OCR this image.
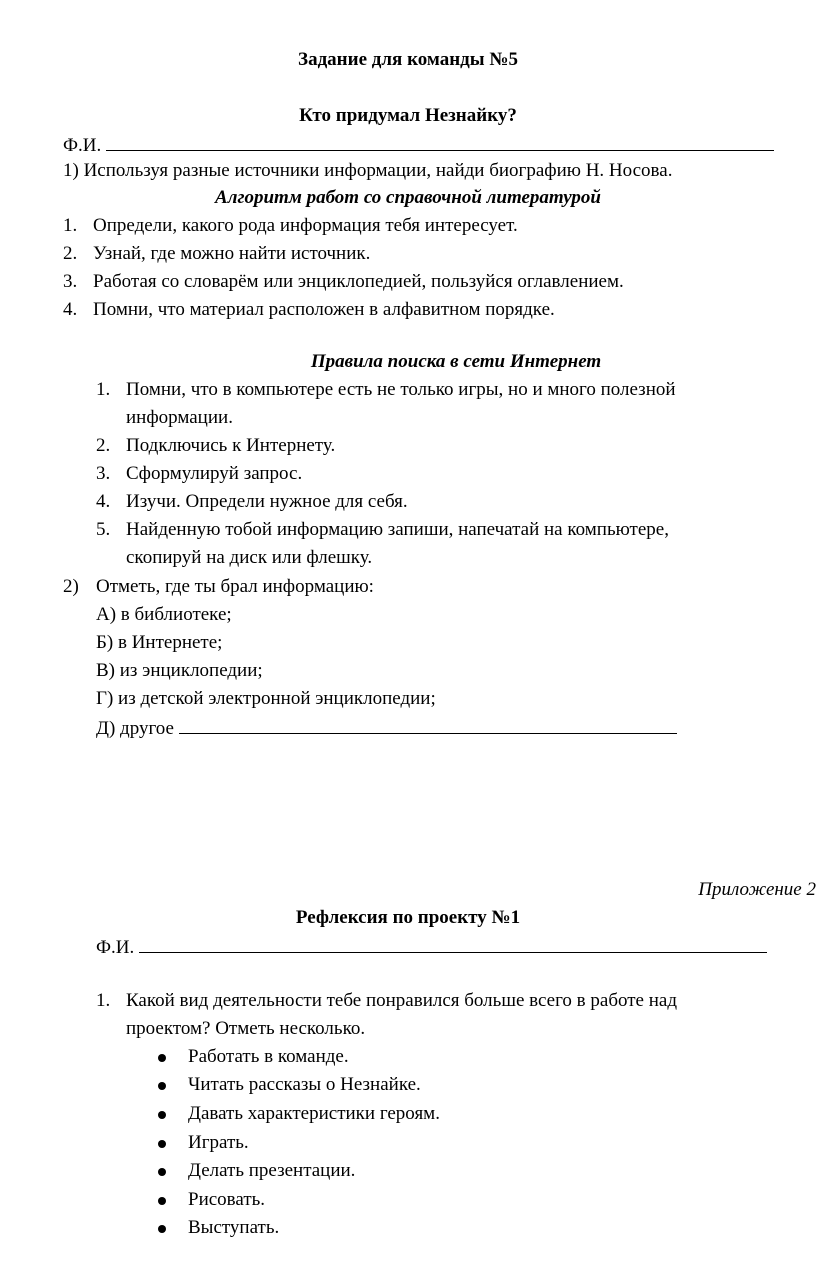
Задание для команды №5
Кто придумал Незнайку?
Ф.И.
1) Используя разные источники информации, найди биографию Н. Носова.
Алгоритм работ со справочной литературой
1. Определи, какого рода информация тебя интересует.
2. Узнай, где можно найти источник.
3. Работая со словарём или энциклопедией, пользуйся оглавлением.
4. Помни, что материал расположен в алфавитном порядке.
Правила поиска в сети Интернет
1. Помни, что в компьютере есть не только игры, но и много полезной
информации.
2. Подключись к Интернету.
3. Сформулируй запрос.
4. Изучи. Определи нужное для себя.
5. Найденную тобой информацию запиши, напечатай на компьютере,
скопируй на диск или флешку.
2) Отметь, где ты брал информацию:
А) в библиотеке;
Б) в Интернете;
В) из энциклопедии;
Г) из детской электронной энциклопедии;
Д) другое
Приложение 2
Рефлексия по проекту №1
Ф.И.
1. Какой вид деятельности тебе понравился больше всего в работе над
проектом? Отметь несколько.
Работать в команде.
Читать рассказы о Незнайке.
Давать характеристики героям.
Играть.
Делать презентации.
Рисовать.
Выступать.
